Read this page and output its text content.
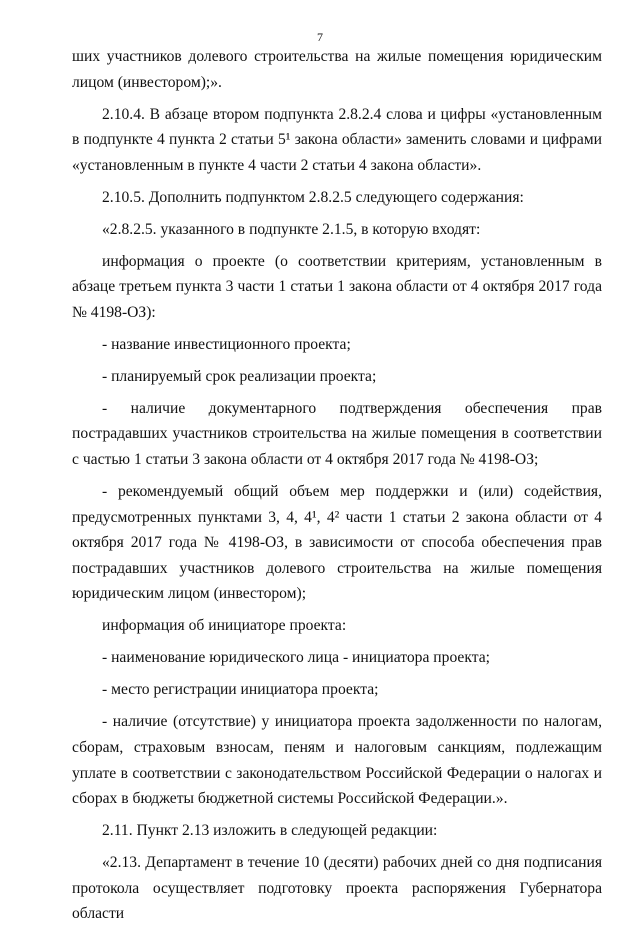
7

ших участников долевого строительства на жилые помещения юридическим лицом (инвестором);».

2.10.4. В абзаце втором подпункта 2.8.2.4 слова и цифры «установленным в подпункте 4 пункта 2 статьи 5¹ закона области» заменить словами и цифрами «установленным в пункте 4 части 2 статьи 4 закона области».

2.10.5. Дополнить подпунктом 2.8.2.5 следующего содержания:

«2.8.2.5. указанного в подпункте 2.1.5, в которую входят:

информация о проекте (о соответствии критериям, установленным в абзаце третьем пункта 3 части 1 статьи 1 закона области от 4 октября 2017 года № 4198-ОЗ):

- название инвестиционного проекта;

- планируемый срок реализации проекта;

- наличие документарного подтверждения обеспечения прав пострадавших участников строительства на жилые помещения в соответствии с частью 1 статьи 3 закона области от 4 октября 2017 года № 4198-ОЗ;

- рекомендуемый общий объем мер поддержки и (или) содействия, предусмотренных пунктами 3, 4, 4¹, 4² части 1 статьи 2 закона области от 4 октября 2017 года № 4198-ОЗ, в зависимости от способа обеспечения прав пострадавших участников долевого строительства на жилые помещения юридическим лицом (инвестором);

информация об инициаторе проекта:

- наименование юридического лица - инициатора проекта;

- место регистрации инициатора проекта;

- наличие (отсутствие) у инициатора проекта задолженности по налогам, сборам, страховым взносам, пеням и налоговым санкциям, подлежащим уплате в соответствии с законодательством Российской Федерации о налогах и сборах в бюджеты бюджетной системы Российской Федерации.».

2.11. Пункт 2.13 изложить в следующей редакции:

«2.13. Департамент в течение 10 (десяти) рабочих дней со дня подписания протокола осуществляет подготовку проекта распоряжения Губернатора области
